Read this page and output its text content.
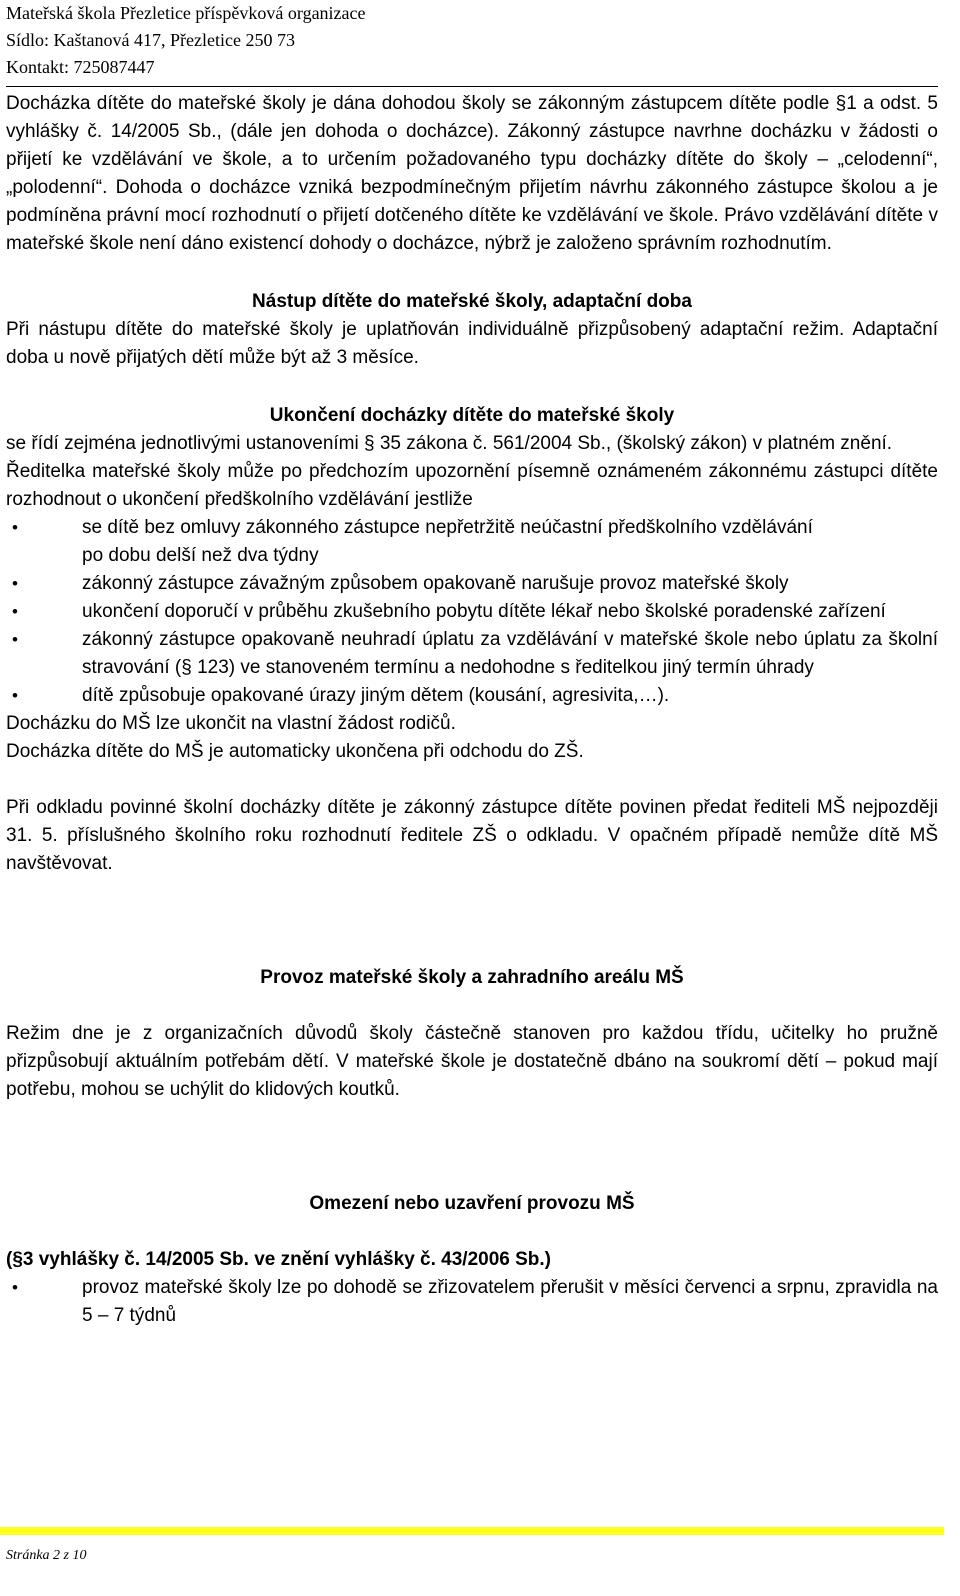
Mateřská škola Přezletice příspěvková organizace
Sídlo: Kaštanová 417, Přezletice 250 73
Kontakt: 725087447

Docházka dítěte do mateřské školy je dána dohodou školy se zákonným zástupcem dítěte podle §1 a odst. 5 vyhlášky č. 14/2005 Sb., (dále jen dohoda o docházce). Zákonný zástupce navrhne docházku v žádosti o přijetí ke vzdělávání ve škole, a to určením požadovaného typu docházky dítěte do školy – „celodenní“, „polodenní“. Dohoda o docházce vzniká bezpodmínečným přijetím návrhu zákonného zástupce školou a je podmíněna právní mocí rozhodnutí o přijetí dotčeného dítěte ke vzdělávání ve škole. Právo vzdělávání dítěte v mateřské škole není dáno existencí dohody o docházce, nýbrž je založeno správním rozhodnutím.

Nástup dítěte do mateřské školy, adaptační doba

Při nástupu dítěte do mateřské školy je uplatňován individuálně přizpůsobený adaptační režim. Adaptační doba u nově přijatých dětí může být až 3 měsíce.

Ukončení docházky dítěte do mateřské školy

se řídí zejména jednotlivými ustanoveními § 35 zákona č. 561/2004 Sb., (školský zákon) v platném znění.

Ředitelka mateřské školy může po předchozím upozornění písemně oznámeném zákonnému zástupci dítěte rozhodnout o ukončení předškolního vzdělávání jestliže

•	se dítě bez omluvy zákonného zástupce nepřetržitě neúčastní předškolního vzdělávání
po dobu delší než dva týdny
•	zákonný zástupce závažným způsobem opakovaně narušuje provoz mateřské školy
•	ukončení doporučí v průběhu zkušebního pobytu dítěte lékař nebo školské poradenské zařízení
•	zákonný zástupce opakovaně neuhradí úplatu za vzdělávání v mateřské škole nebo úplatu za školní stravování (§ 123) ve stanoveném termínu a nedohodne s ředitelkou jiný termín úhrady
•	dítě způsobuje opakované úrazy jiným dětem (kousání, agresivita,…).

Docházku do MŠ lze ukončit na vlastní žádost rodičů.

Docházka dítěte do MŠ je automaticky ukončena při odchodu do ZŠ.

Při odkladu povinné školní docházky dítěte je zákonný zástupce dítěte povinen předat řediteli MŠ nejpozději 31. 5. příslušného školního roku rozhodnutí ředitele ZŠ o odkladu. V opačném případě nemůže dítě MŠ navštěvovat.

Provoz mateřské školy a zahradního areálu MŠ

Režim dne je z organizačních důvodů školy částečně stanoven pro každou třídu, učitelky ho pružně přizpůsobují aktuálním potřebám dětí. V mateřské škole je dostatečně dbáno na soukromí dětí – pokud mají potřebu, mohou se uchýlit do klidových koutků.

Omezení nebo uzavření provozu MŠ

(§3 vyhlášky č. 14/2005 Sb. ve znění vyhlášky č. 43/2006 Sb.)

•	provoz mateřské školy lze po dohodě se zřizovatelem přerušit v měsíci červenci a srpnu, zpravidla na 5 – 7 týdnů
Stránka 2 z 10
